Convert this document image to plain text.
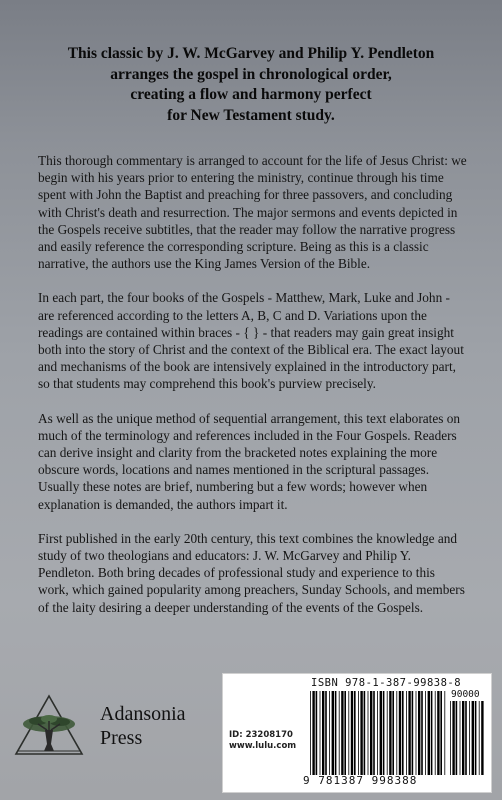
This classic by J. W. McGarvey and Philip Y. Pendleton
arranges the gospel in chronological order,
creating a flow and harmony perfect
for New Testament study.

This thorough commentary is arranged to account for the life of Jesus Christ: we begin with his years prior to entering the ministry, continue through his time spent with John the Baptist and preaching for three passovers, and concluding with Christ's death and resurrection. The major sermons and events depicted in the Gospels receive subtitles, that the reader may follow the narrative progress and easily reference the corresponding scripture. Being as this is a classic narrative, the authors use the King James Version of the Bible.

In each part, the four books of the Gospels - Matthew, Mark, Luke and John - are referenced according to the letters A, B, C and D. Variations upon the readings are contained within braces - { } - that readers may gain great insight both into the story of Christ and the context of the Biblical era. The exact layout and mechanisms of the book are intensively explained in the introductory part, so that students may comprehend this book's purview precisely.

As well as the unique method of sequential arrangement, this text elaborates on much of the terminology and references included in the Four Gospels. Readers can derive insight and clarity from the bracketed notes explaining the more obscure words, locations and names mentioned in the scriptural passages. Usually these notes are brief, numbering but a few words; however when explanation is demanded, the authors impart it.

First published in the early 20th century, this text combines the knowledge and study of two theologians and educators: J. W. McGarvey and Philip Y. Pendleton. Both bring decades of professional study and experience to this work, which gained popularity among preachers, Sunday Schools, and members of the laity desiring a deeper understanding of the events of the Gospels.

Adansonia
Press
ISBN 978-1-387-99838-8
90000
ID: 23208170
www.lulu.com
9 781387 998388
